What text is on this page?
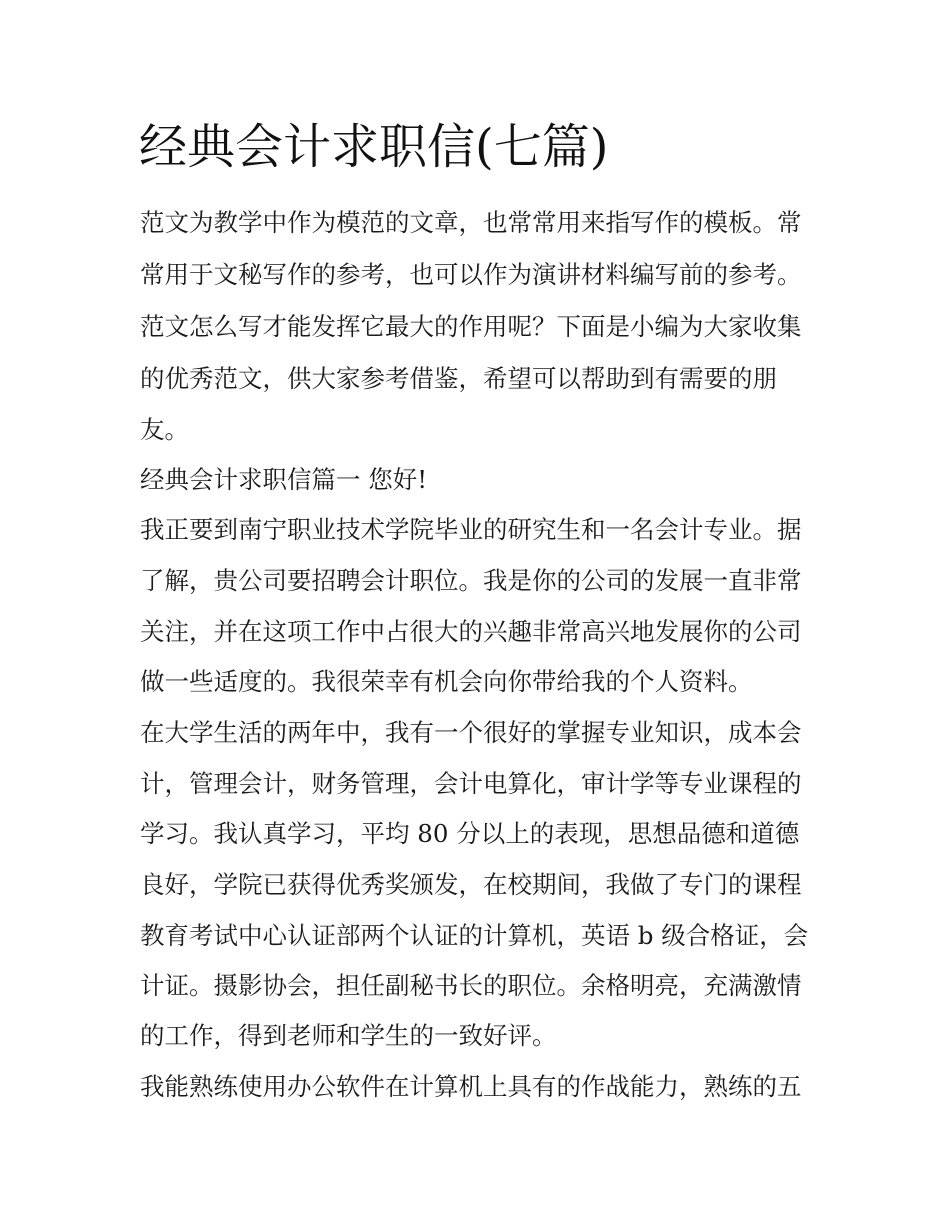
经典会计求职信(七篇)

范文为教学中作为模范的文章，也常常用来指写作的模板。常

常用于文秘写作的参考，也可以作为演讲材料编写前的参考。

范文怎么写才能发挥它最大的作用呢？下面是小编为大家收集

的优秀范文，供大家参考借鉴，希望可以帮助到有需要的朋

友。

经典会计求职信篇一 您好!

我正要到南宁职业技术学院毕业的研究生和一名会计专业。据

了解，贵公司要招聘会计职位。我是你的公司的发展一直非常

关注，并在这项工作中占很大的兴趣非常高兴地发展你的公司

做一些适度的。我很荣幸有机会向你带给我的个人资料。

在大学生活的两年中，我有一个很好的掌握专业知识，成本会

计，管理会计，财务管理，会计电算化，审计学等专业课程的

学习。我认真学习，平均 80 分以上的表现，思想品德和道德

良好，学院已获得优秀奖颁发，在校期间，我做了专门的课程

教育考试中心认证部两个认证的计算机，英语 b 级合格证，会

计证。摄影协会，担任副秘书长的职位。余格明亮，充满激情

的工作，得到老师和学生的一致好评。

我能熟练使用办公软件在计算机上具有的作战能力，熟练的五
